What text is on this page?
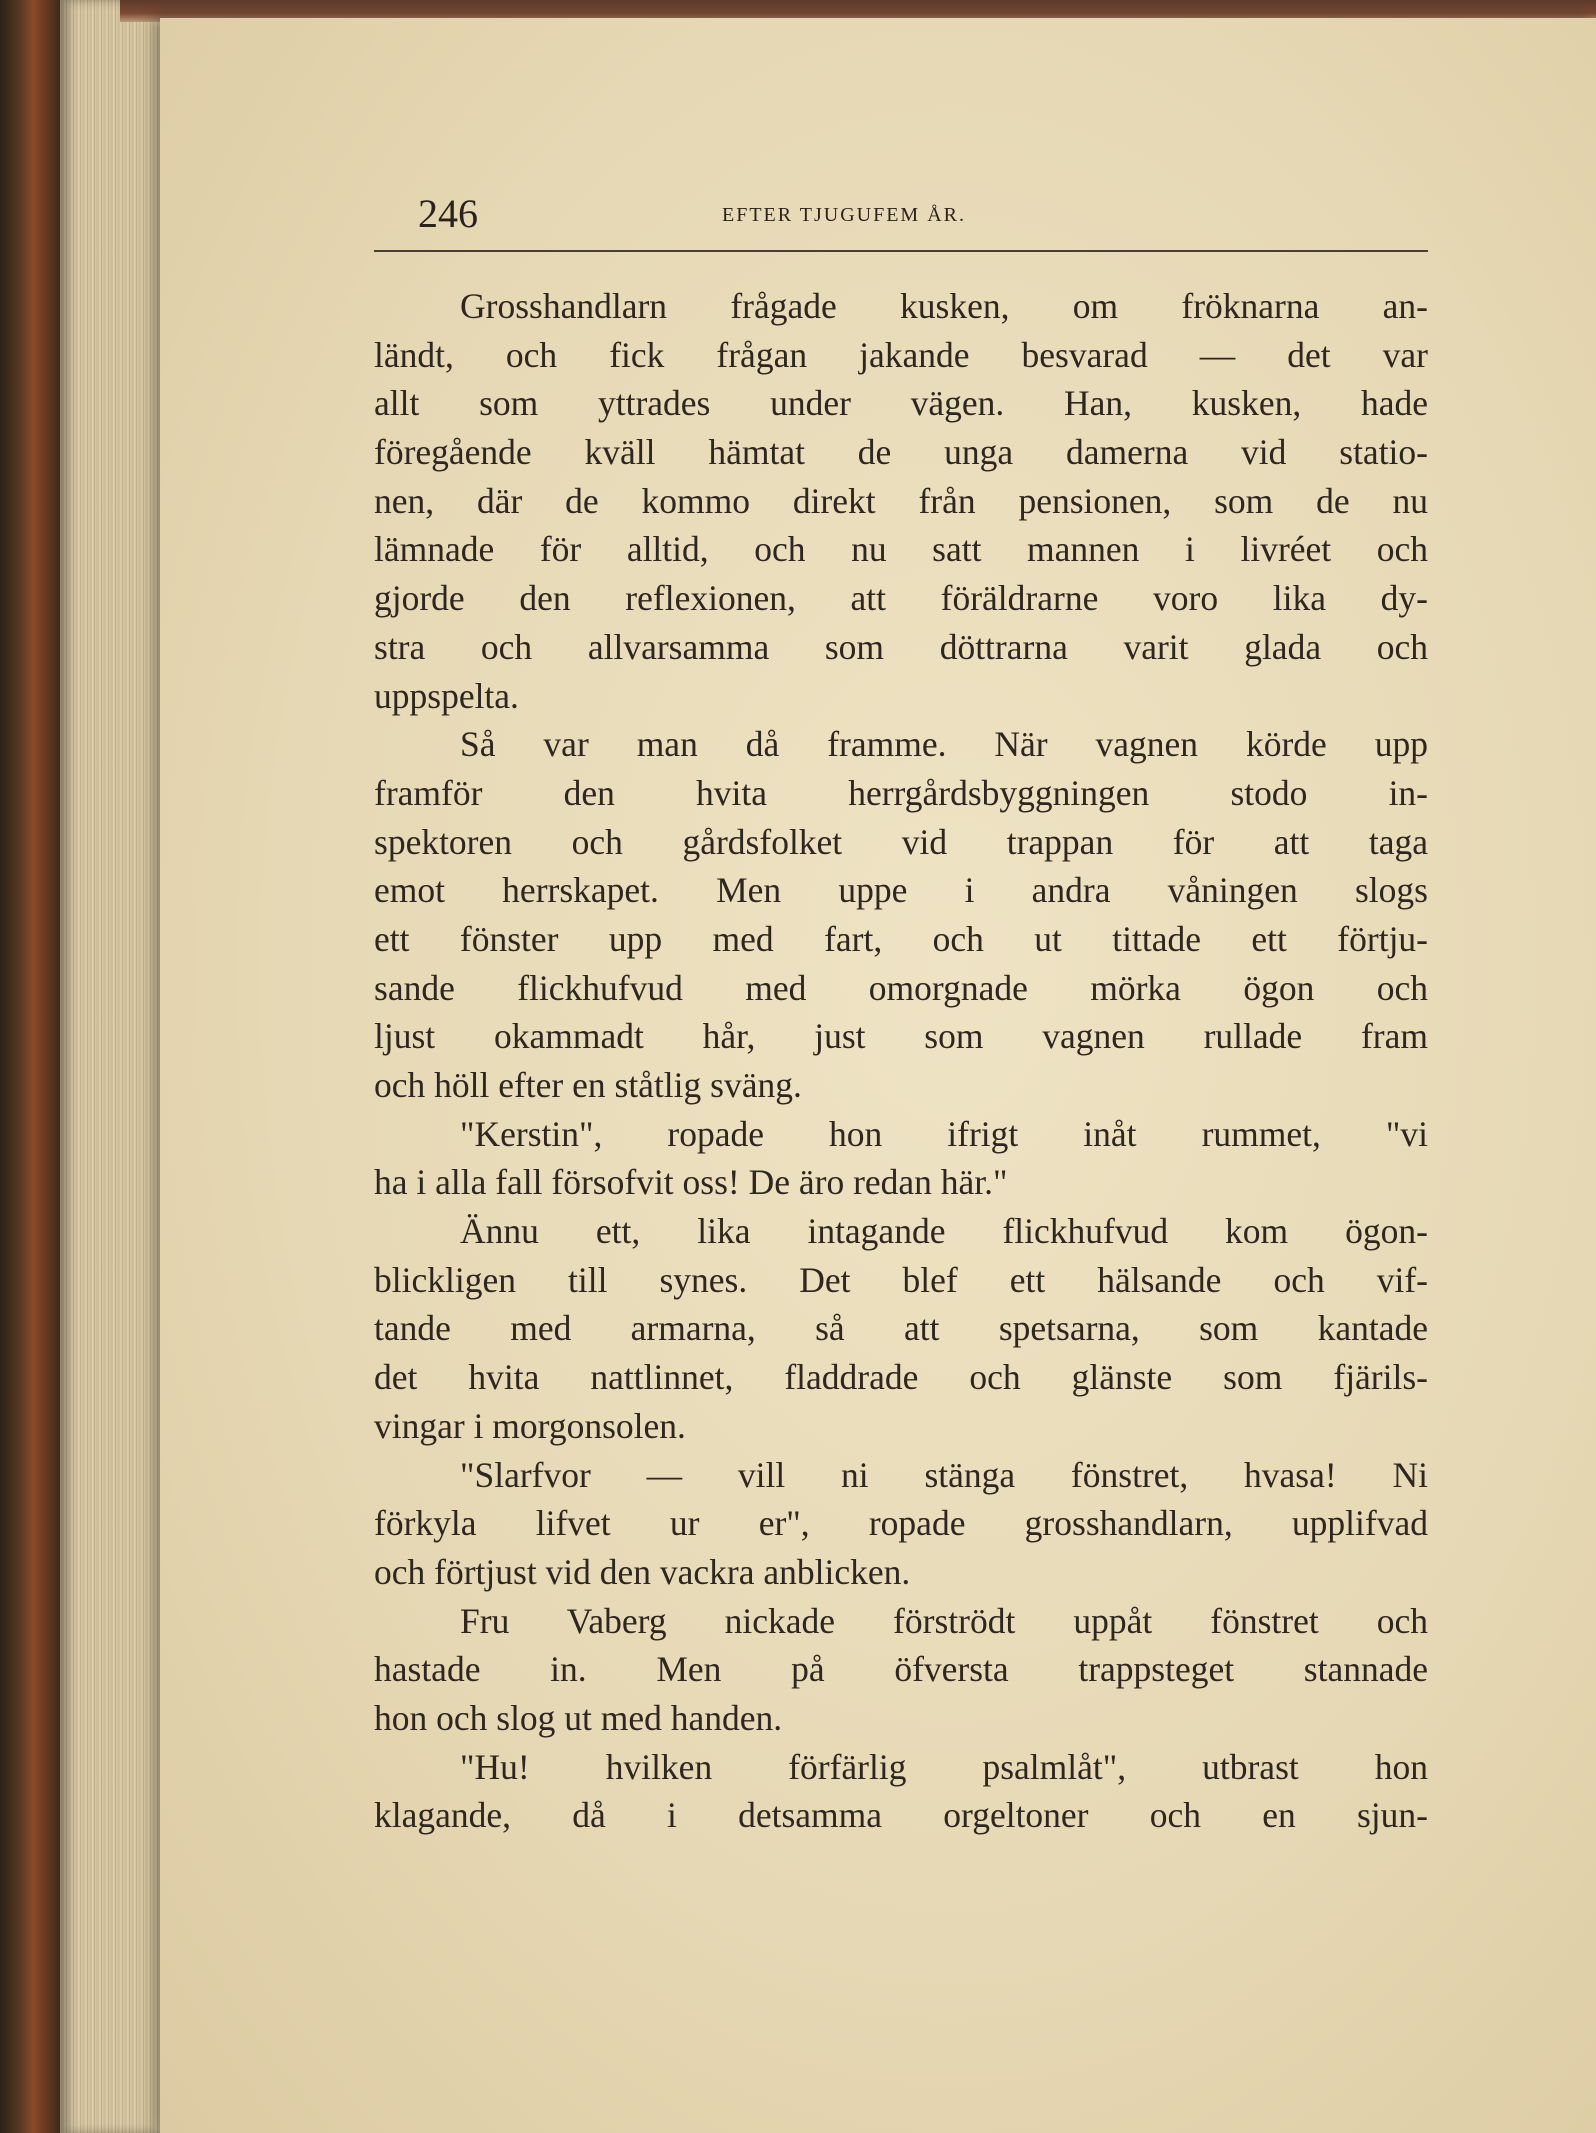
246	EFTER TJUGUFEM ÅR.
Grosshandlarn frågade kusken, om fröknarna an-
ländt, och fick frågan jakande besvarad — det var
allt som yttrades under vägen. Han, kusken, hade
föregående kväll hämtat de unga damerna vid statio-
nen, där de kommo direkt från pensionen, som de nu
lämnade för alltid, och nu satt mannen i livréet och
gjorde den reflexionen, att föräldrarne voro lika dy-
stra och allvarsamma som döttrarna varit glada och
uppspelta.
Så var man då framme. När vagnen körde upp
framför den hvita herrgårdsbyggningen stodo in-
spektoren och gårdsfolket vid trappan för att taga
emot herrskapet. Men uppe i andra våningen slogs
ett fönster upp med fart, och ut tittade ett förtju-
sande flickhufvud med omorgnade mörka ögon och
ljust okammadt hår, just som vagnen rullade fram
och höll efter en ståtlig sväng.
"Kerstin", ropade hon ifrigt inåt rummet, "vi
ha i alla fall försofvit oss! De äro redan här."
Ännu ett, lika intagande flickhufvud kom ögon-
blickligen till synes. Det blef ett hälsande och vif-
tande med armarna, så att spetsarna, som kantade
det hvita nattlinnet, fladdrade och glänste som fjärils-
vingar i morgonsolen.
"Slarfvor — vill ni stänga fönstret, hvasa! Ni
förkyla lifvet ur er", ropade grosshandlarn, upplifvad
och förtjust vid den vackra anblicken.
Fru Vaberg nickade förströdt uppåt fönstret och
hastade in. Men på öfversta trappsteget stannade
hon och slog ut med handen.
"Hu! hvilken förfärlig psalmlåt", utbrast hon
klagande, då i detsamma orgeltoner och en sjun-
